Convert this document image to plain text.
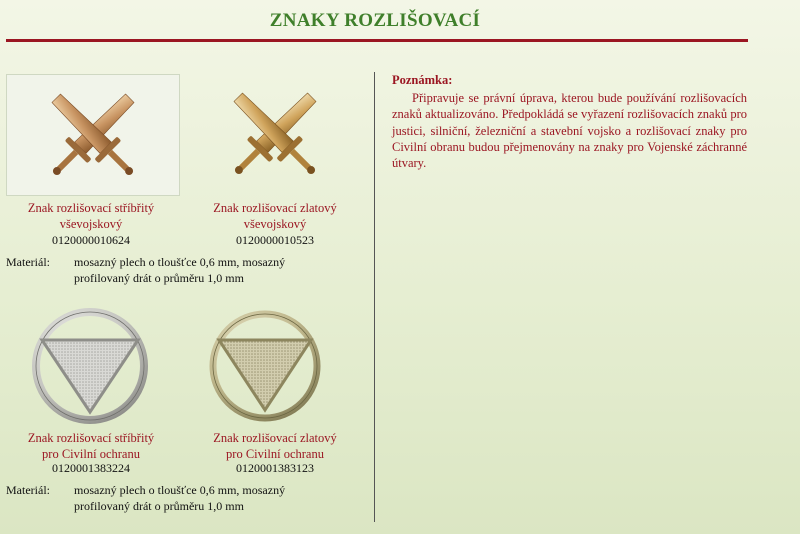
ZNAKY ROZLIŠOVACÍ
Znak rozlišovací stříbřitý
vševojskový
0120000010624
Znak rozlišovací zlatový
vševojskový
0120000010523
Materiál: mosazný plech o tloušťce 0,6 mm, mosazný
profilovaný drát o průměru 1,0 mm
Znak rozlišovací stříbřitý
pro Civilní ochranu
0120001383224
Znak rozlišovací zlatový
pro Civilní ochranu
0120001383123
Materiál: mosazný plech o tloušťce 0,6 mm, mosazný
profilovaný drát o průměru 1,0 mm
Poznámka:
Připravuje se právní úprava, kterou bude používání rozlišovacích znaků aktualizováno. Předpokládá se vyřazení rozlišovacích znaků pro justici, silniční, železniční a stavební vojsko a rozlišovací znaky pro Civilní obranu budou přejmenovány na znaky pro Vojenské záchranné útvary.
